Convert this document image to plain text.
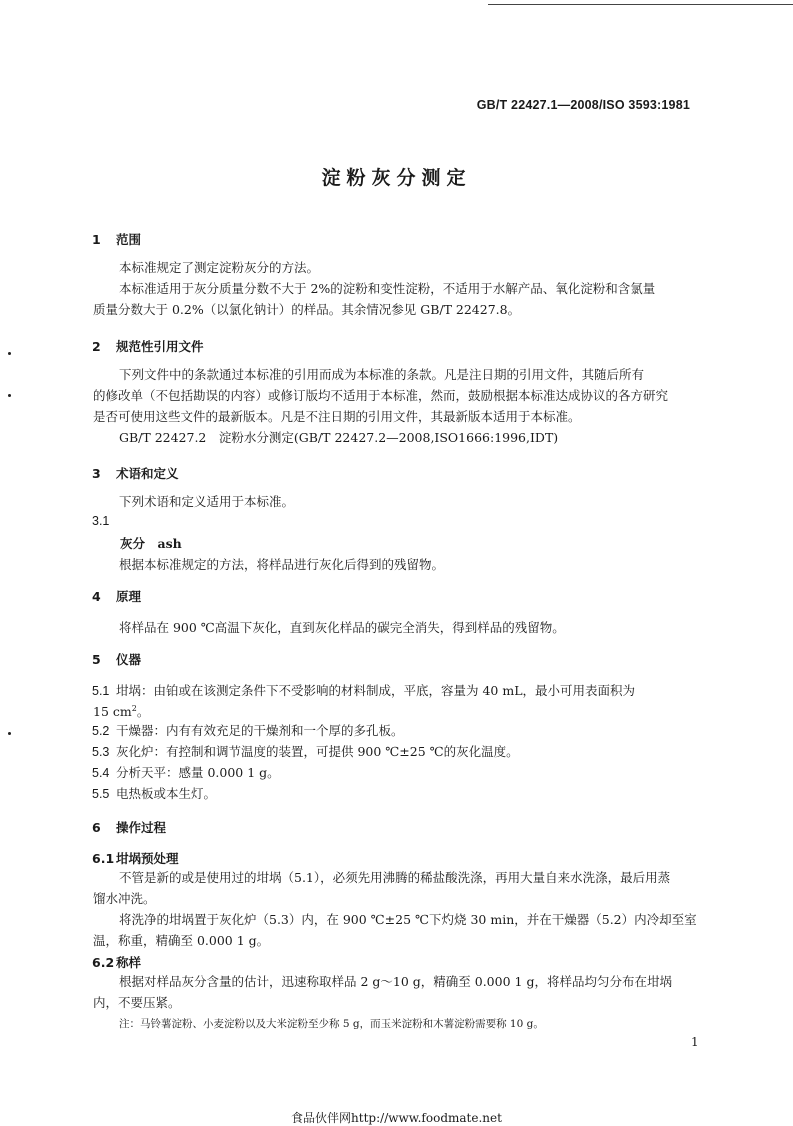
GB/T 22427.1—2008/ISO 3593:1981
淀粉灰分测定
1 范围
本标准规定了测定淀粉灰分的方法。
本标准适用于灰分质量分数不大于 2%的淀粉和变性淀粉，不适用于水解产品、氧化淀粉和含氯量
质量分数大于 0.2%（以氯化钠计）的样品。其余情况参见 GB/T 22427.8。
2 规范性引用文件
下列文件中的条款通过本标准的引用而成为本标准的条款。凡是注日期的引用文件，其随后所有
的修改单（不包括勘误的内容）或修订版均不适用于本标准，然而，鼓励根据本标准达成协议的各方研究
是否可使用这些文件的最新版本。凡是不注日期的引用文件，其最新版本适用于本标准。
GB/T 22427.2　淀粉水分测定(GB/T 22427.2—2008,ISO1666:1996,IDT)
3 术语和定义
下列术语和定义适用于本标准。
3.1
灰分　ash
根据本标准规定的方法，将样品进行灰化后得到的残留物。
4 原理
将样品在 900 ℃高温下灰化，直到灰化样品的碳完全消失，得到样品的残留物。
5 仪器
5.1 坩埚：由铂或在该测定条件下不受影响的材料制成，平底，容量为 40 mL，最小可用表面积为
15 $cm^2$。
5.2 干燥器：内有有效充足的干燥剂和一个厚的多孔板。
5.3 灰化炉：有控制和调节温度的装置，可提供 900 ℃±25 ℃的灰化温度。
5.4 分析天平：感量 0.000 1 g。
5.5 电热板或本生灯。
6 操作过程
6.1 坩埚预处理
不管是新的或是使用过的坩埚（5.1），必须先用沸腾的稀盐酸洗涤，再用大量自来水洗涤，最后用蒸
馏水冲洗。
将洗净的坩埚置于灰化炉（5.3）内，在 900 ℃±25 ℃下灼烧 30 min，并在干燥器（5.2）内冷却至室
温，称重，精确至 0.000 1 g。
6.2 称样
根据对样品灰分含量的估计，迅速称取样品 2 g～10 g，精确至 0.000 1 g，将样品均匀分布在坩埚
内，不要压紧。
注：马铃薯淀粉、小麦淀粉以及大米淀粉至少称 5 g，而玉米淀粉和木薯淀粉需要称 10 g。
1
食品伙伴网http://www.foodmate.net
